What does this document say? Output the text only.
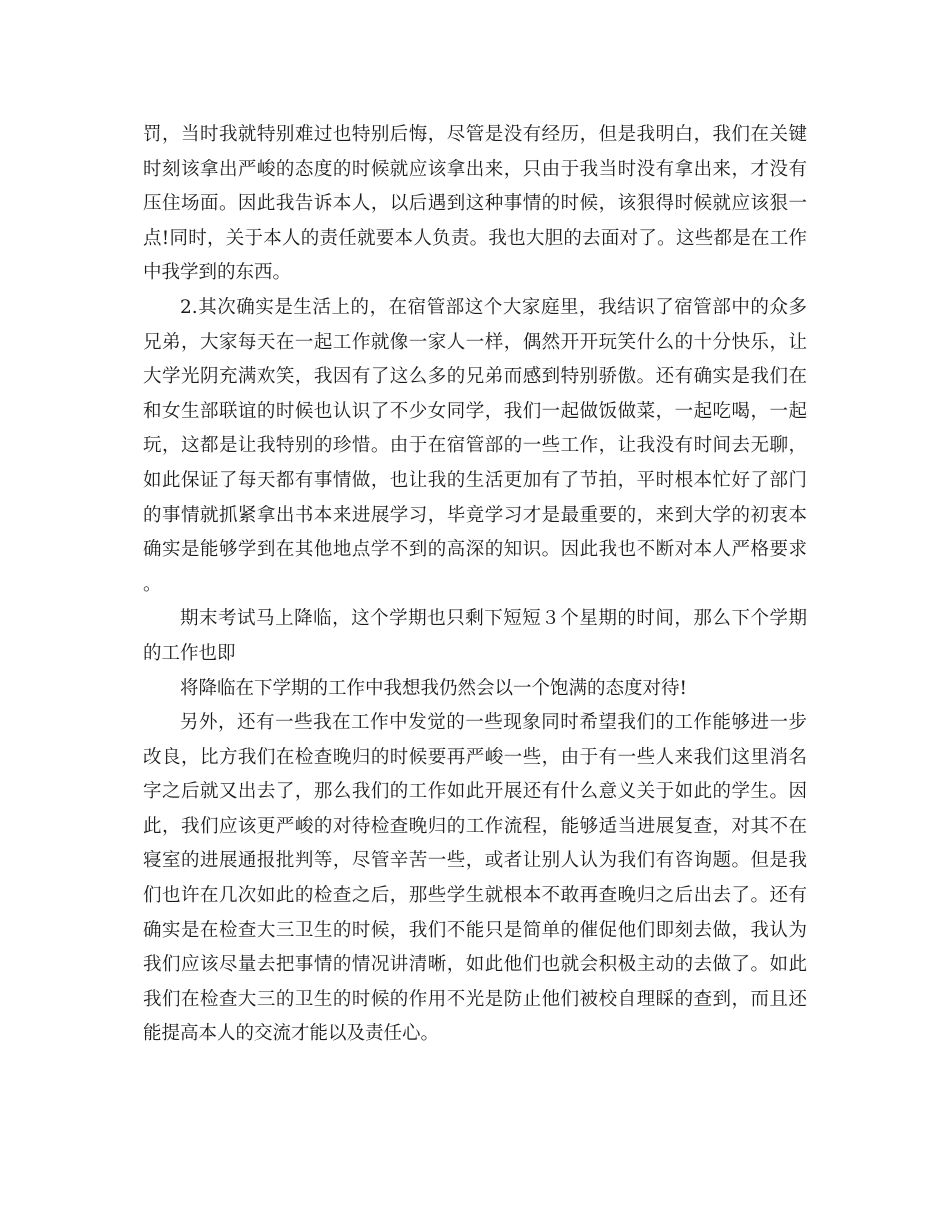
罚，当时我就特别难过也特别后悔，尽管是没有经历，但是我明白，我们在关键时刻该拿出严峻的态度的时候就应该拿出来，只由于我当时没有拿出来，才没有压住场面。因此我告诉本人，以后遇到这种事情的时候，该狠得时候就应该狠一点!同时，关于本人的责任就要本人负责。我也大胆的去面对了。这些都是在工作中我学到的东西。

2.其次确实是生活上的，在宿管部这个大家庭里，我结识了宿管部中的众多兄弟，大家每天在一起工作就像一家人一样，偶然开开玩笑什么的十分快乐，让大学光阴充满欢笑，我因有了这么多的兄弟而感到特别骄傲。还有确实是我们在和女生部联谊的时候也认识了不少女同学，我们一起做饭做菜，一起吃喝，一起玩，这都是让我特别的珍惜。由于在宿管部的一些工作，让我没有时间去无聊，如此保证了每天都有事情做，也让我的生活更加有了节拍，平时根本忙好了部门的事情就抓紧拿出书本来进展学习，毕竟学习才是最重要的，来到大学的初衷本确实是能够学到在其他地点学不到的高深的知识。因此我也不断对本人严格要求。

期末考试马上降临，这个学期也只剩下短短３个星期的时间，那么下个学期的工作也即

将降临在下学期的工作中我想我仍然会以一个饱满的态度对待!

另外，还有一些我在工作中发觉的一些现象同时希望我们的工作能够进一步改良，比方我们在检查晚归的时候要再严峻一些，由于有一些人来我们这里消名字之后就又出去了，那么我们的工作如此开展还有什么意义关于如此的学生。因此，我们应该更严峻的对待检查晚归的工作流程，能够适当进展复查，对其不在寝室的进展通报批判等，尽管辛苦一些，或者让别人认为我们有咨询题。但是我们也许在几次如此的检查之后，那些学生就根本不敢再查晚归之后出去了。还有确实是在检查大三卫生的时候，我们不能只是简单的催促他们即刻去做，我认为我们应该尽量去把事情的情况讲清晰，如此他们也就会积极主动的去做了。如此我们在检查大三的卫生的时候的作用不光是防止他们被校自理睬的查到，而且还能提高本人的交流才能以及责任心。
